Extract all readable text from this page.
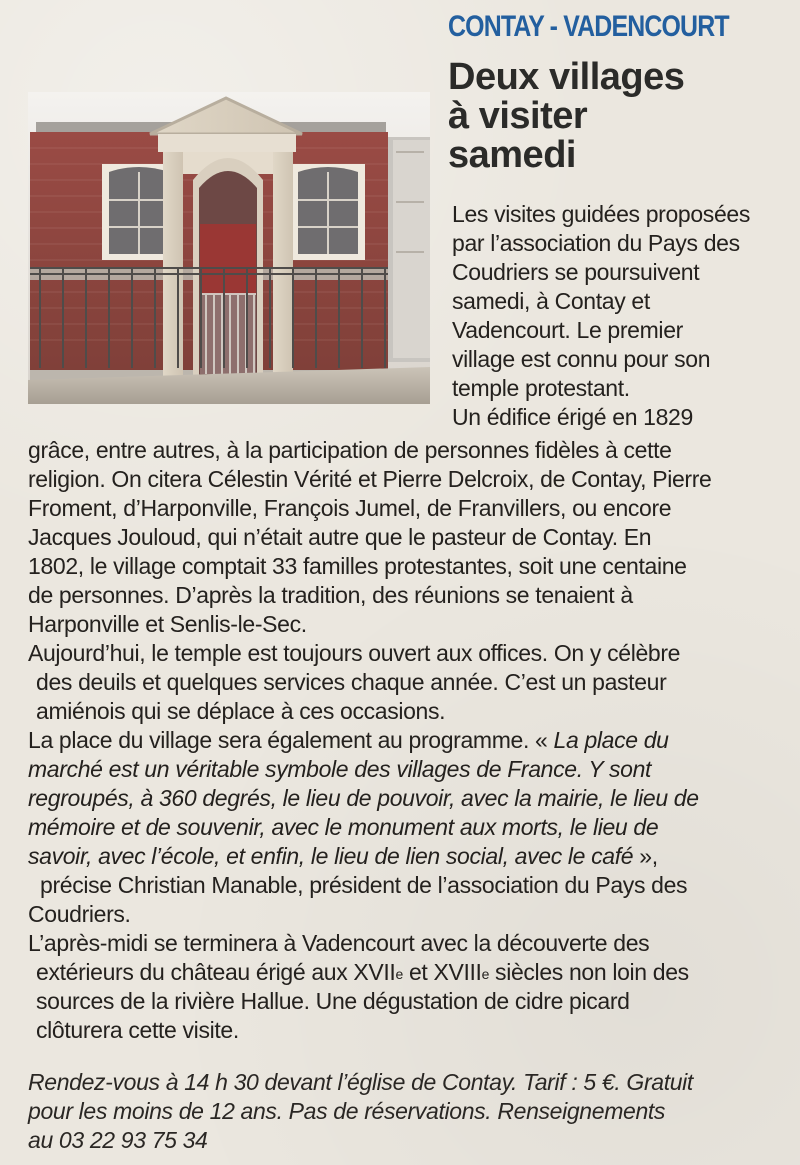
CONTAY - VADENCOURT
Deux villages
à visiter
samedi
Les visites guidées proposées
par l’association du Pays des
Coudriers se poursuivent
samedi, à Contay et
Vadencourt. Le premier
village est connu pour son
temple protestant.
Un édifice érigé en 1829
grâce, entre autres, à la participation de personnes fidèles à cette
religion. On citera Célestin Vérité et Pierre Delcroix, de Contay, Pierre
Froment, d’Harponville, François Jumel, de Franvillers, ou encore
Jacques Jouloud, qui n’était autre que le pasteur de Contay. En
1802, le village comptait 33 familles protestantes, soit une centaine
de personnes. D’après la tradition, des réunions se tenaient à
Harponville et Senlis-le-Sec.
Aujourd’hui, le temple est toujours ouvert aux offices. On y célèbre
des deuils et quelques services chaque année. C’est un pasteur
amiénois qui se déplace à ces occasions.
La place du village sera également au programme. « La place du
marché est un véritable symbole des villages de France. Y sont
regroupés, à 360 degrés, le lieu de pouvoir, avec la mairie, le lieu de
mémoire et de souvenir, avec le monument aux morts, le lieu de
savoir, avec l’école, et enfin, le lieu de lien social, avec le café »,
précise Christian Manable, président de l’association du Pays des
Coudriers.
L’après-midi se terminera à Vadencourt avec la découverte des
extérieurs du château érigé aux XVIIe et XVIIIe siècles non loin des
sources de la rivière Hallue. Une dégustation de cidre picard
clôturera cette visite.
Rendez-vous à 14 h 30 devant l’église de Contay. Tarif : 5 €. Gratuit
pour les moins de 12 ans. Pas de réservations. Renseignements
au 03 22 93 75 34
